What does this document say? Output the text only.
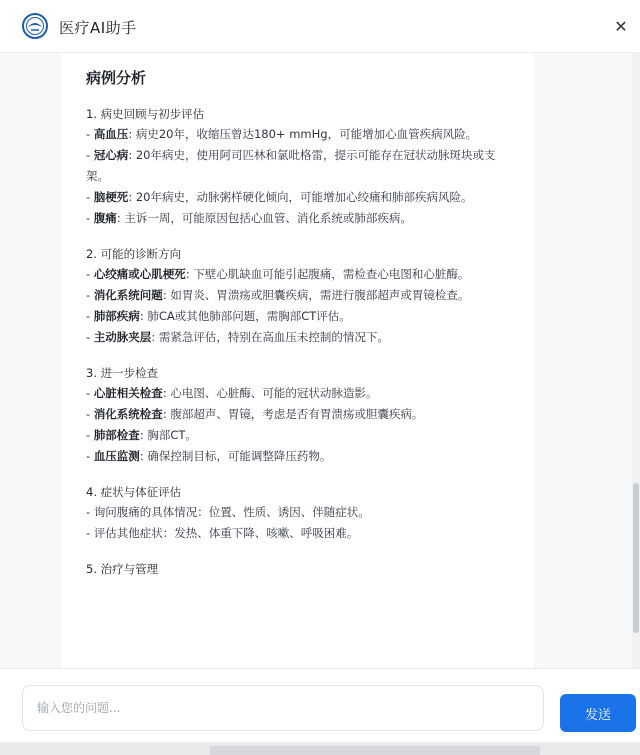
医疗AI助手	✕
病例分析
1. 病史回顾与初步评估
- 高血压: 病史20年，收缩压曾达180+ mmHg，可能增加心血管疾病风险。
- 冠心病: 20年病史，使用阿司匹林和氯吡格雷，提示可能存在冠状动脉斑块或支架。
- 脑梗死: 20年病史，动脉粥样硬化倾向，可能增加心绞痛和肺部疾病风险。
- 腹痛: 主诉一周，可能原因包括心血管、消化系统或肺部疾病。
2. 可能的诊断方向
- 心绞痛或心肌梗死: 下壁心肌缺血可能引起腹痛，需检查心电图和心脏酶。
- 消化系统问题: 如胃炎、胃溃疡或胆囊疾病，需进行腹部超声或胃镜检查。
- 肺部疾病: 肺CA或其他肺部问题，需胸部CT评估。
- 主动脉夹层: 需紧急评估，特别在高血压未控制的情况下。
3. 进一步检查
- 心脏相关检查: 心电图、心脏酶、可能的冠状动脉造影。
- 消化系统检查: 腹部超声、胃镜，考虑是否有胃溃疡或胆囊疾病。
- 肺部检查: 胸部CT。
- 血压监测: 确保控制目标，可能调整降压药物。
4. 症状与体征评估
- 询问腹痛的具体情况：位置、性质、诱因、伴随症状。
- 评估其他症状：发热、体重下降、咳嗽、呼吸困难。
5. 治疗与管理
输入您的问题...
发送
